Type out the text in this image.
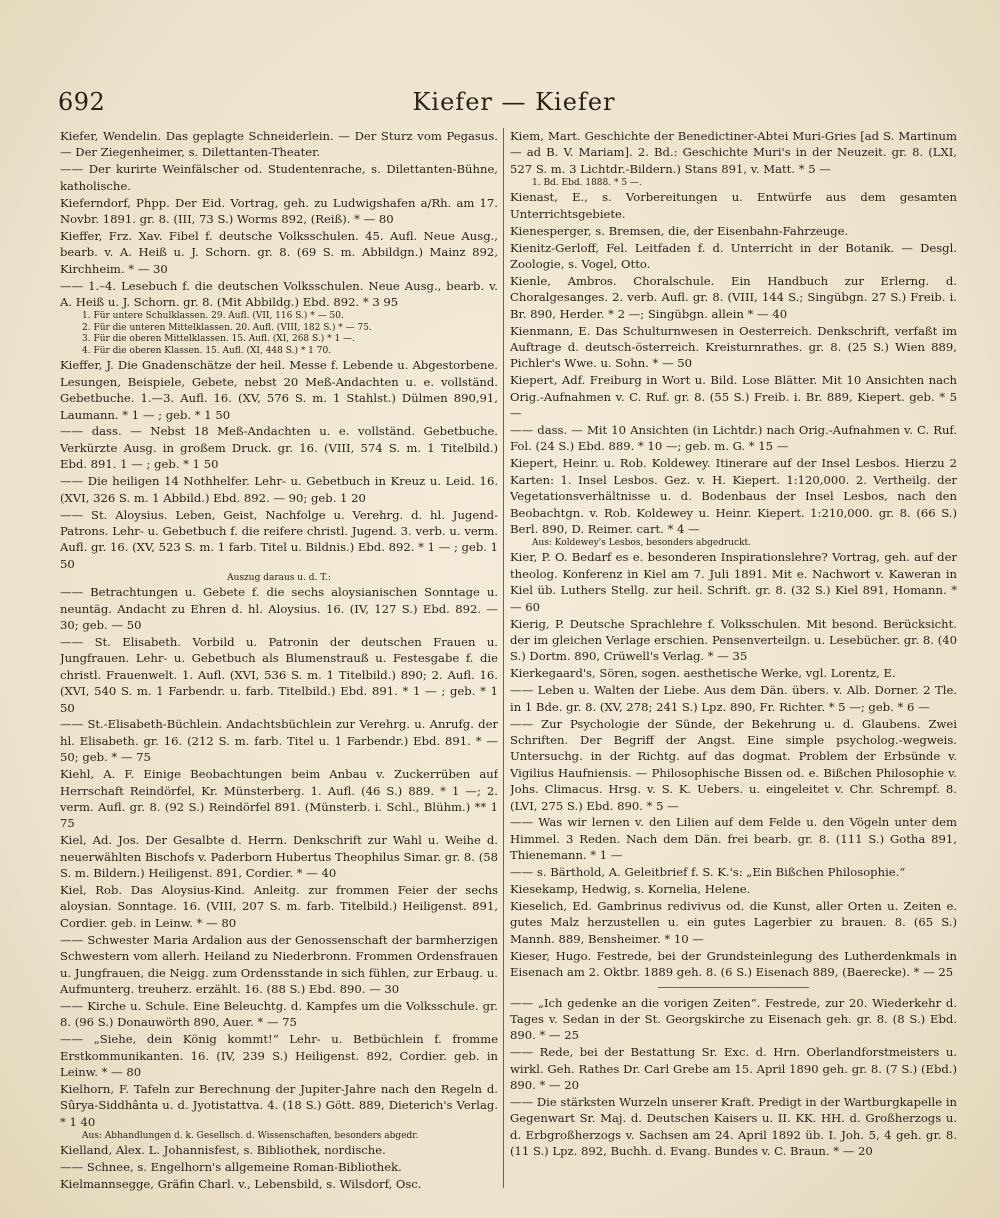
692	Kiefer — Kiefer

Kiefer, Wendelin. Das geplagte Schneiderlein. — Der Sturz vom Pegasus. — Der Ziegenheimer, s. Dilettanten-Theater.

—— Der kurirte Weinfälscher od. Studentenrache, s. Dilettanten-Bühne, katholische.

Kieferndorf, Phpp. Der Eid. Vortrag, geh. zu Ludwigshafen a/Rh. am 17. Novbr. 1891. gr. 8. (III, 73 S.) Worms 892, (Reiß). * — 80

Kieffer, Frz. Xav. Fibel f. deutsche Volksschulen. 45. Aufl. Neue Ausg., bearb. v. A. Heiß u. J. Schorn. gr. 8. (69 S. m. Abbildgn.) Mainz 892, Kirchheim. * — 30

—— 1.–4. Lesebuch f. die deutschen Volksschulen. Neue Ausg., bearb. v. A. Heiß u. J. Schorn. gr. 8. (Mit Abbildg.) Ebd. 892. * 3 95

1. Für untere Schulklassen. 29. Aufl. (VII, 116 S.) * — 50.

2. Für die unteren Mittelklassen. 20. Aufl. (VIII, 182 S.) * — 75.

3. Für die oberen Mittelklassen. 15. Aufl. (XI, 268 S.) * 1 —.

4. Für die oberen Klassen. 15. Aufl. (XI, 448 S.) * 1 70.

Kieffer, J. Die Gnadenschätze der heil. Messe f. Lebende u. Abgestorbene. Lesungen, Beispiele, Gebete, nebst 20 Meß-Andachten u. e. vollständ. Gebetbuche. 1.—3. Aufl. 16. (XV, 576 S. m. 1 Stahlst.) Dülmen 890,91, Laumann. * 1 — ; geb. * 1 50

—— dass. — Nebst 18 Meß-Andachten u. e. vollständ. Gebetbuche. Verkürzte Ausg. in großem Druck. gr. 16. (VIII, 574 S. m. 1 Titelbild.) Ebd. 891. 1 — ; geb. * 1 50

—— Die heiligen 14 Nothhelfer. Lehr- u. Gebetbuch in Kreuz u. Leid. 16. (XVI, 326 S. m. 1 Abbild.) Ebd. 892. — 90; geb. 1 20

—— St. Aloysius. Leben, Geist, Nachfolge u. Verehrg. d. hl. Jugend-Patrons. Lehr- u. Gebetbuch f. die reifere christl. Jugend. 3. verb. u. verm. Aufl. gr. 16. (XV, 523 S. m. 1 farb. Titel u. Bildnis.) Ebd. 892. * 1 — ; geb. 1 50

Auszug daraus u. d. T.:

—— Betrachtungen u. Gebete f. die sechs aloysianischen Sonntage u. neuntäg. Andacht zu Ehren d. hl. Aloysius. 16. (IV, 127 S.) Ebd. 892. — 30; geb. — 50

—— St. Elisabeth. Vorbild u. Patronin der deutschen Frauen u. Jungfrauen. Lehr- u. Gebetbuch als Blumenstrauß u. Festesgabe f. die christl. Frauenwelt. 1. Aufl. (XVI, 536 S. m. 1 Titelbild.) 890; 2. Aufl. 16. (XVI, 540 S. m. 1 Farbendr. u. farb. Titelbild.) Ebd. 891. * 1 — ; geb. * 1 50

—— St.-Elisabeth-Büchlein. Andachtsbüchlein zur Verehrg. u. Anrufg. der hl. Elisabeth. gr. 16. (212 S. m. farb. Titel u. 1 Farbendr.) Ebd. 891. * — 50; geb. * — 75

Kiehl, A. F. Einige Beobachtungen beim Anbau v. Zuckerrüben auf Herrschaft Reindörfel, Kr. Münsterberg. 1. Aufl. (46 S.) 889. * 1 —; 2. verm. Aufl. gr. 8. (92 S.) Reindörfel 891. (Münsterb. i. Schl., Blühm.) ** 1 75

Kiel, Ad. Jos. Der Gesalbte d. Herrn. Denkschrift zur Wahl u. Weihe d. neuerwählten Bischofs v. Paderborn Hubertus Theophilus Simar. gr. 8. (58 S. m. Bildern.) Heiligenst. 891, Cordier. * — 40

Kiel, Rob. Das Aloysius-Kind. Anleitg. zur frommen Feier der sechs aloysian. Sonntage. 16. (VIII, 207 S. m. farb. Titelbild.) Heiligenst. 891, Cordier. geb. in Leinw. * — 80

—— Schwester Maria Ardalion aus der Genossenschaft der barmherzigen Schwestern vom allerh. Heiland zu Niederbronn. Frommen Ordensfrauen u. Jungfrauen, die Neigg. zum Ordensstande in sich fühlen, zur Erbaug. u. Aufmunterg. treuherz. erzählt. 16. (88 S.) Ebd. 890. — 30

—— Kirche u. Schule. Eine Beleuchtg. d. Kampfes um die Volksschule. gr. 8. (96 S.) Donauwörth 890, Auer. * — 75

—— „Siehe, dein König kommt!“ Lehr- u. Betbüchlein f. fromme Erstkommunikanten. 16. (IV, 239 S.) Heiligenst. 892, Cordier. geb. in Leinw. * — 80

Kielhorn, F. Tafeln zur Berechnung der Jupiter-Jahre nach den Regeln d. Sûrya-Siddhânta u. d. Jyotistattva. 4. (18 S.) Gött. 889, Dieterich's Verlag. * 1 40

Aus: Abhandlungen d. k. Gesellsch. d. Wissenschaften, besonders abgedr.

Kielland, Alex. L. Johannisfest, s. Bibliothek, nordische.

—— Schnee, s. Engelhorn's allgemeine Roman-Bibliothek.

Kielmannsegge, Gräfin Charl. v., Lebensbild, s. Wilsdorf, Osc.

Kiem, Mart. Geschichte der Benedictiner-Abtei Muri-Gries [ad S. Martinum — ad B. V. Mariam]. 2. Bd.: Geschichte Muri's in der Neuzeit. gr. 8. (LXI, 527 S. m. 3 Lichtdr.-Bildern.) Stans 891, v. Matt. * 5 —

1. Bd. Ebd. 1888. * 5 —.

Kienast, E., s. Vorbereitungen u. Entwürfe aus dem gesamten Unterrichtsgebiete.

Kienesperger, s. Bremsen, die, der Eisenbahn-Fahrzeuge.

Kienitz-Gerloff, Fel. Leitfaden f. d. Unterricht in der Botanik. — Desgl. Zoologie, s. Vogel, Otto.

Kienle, Ambros. Choralschule. Ein Handbuch zur Erlerng. d. Choralgesanges. 2. verb. Aufl. gr. 8. (VIII, 144 S.; Singübgn. 27 S.) Freib. i. Br. 890, Herder. * 2 —; Singübgn. allein * — 40

Kienmann, E. Das Schulturnwesen in Oesterreich. Denkschrift, verfaßt im Auftrage d. deutsch-österreich. Kreisturnrathes. gr. 8. (25 S.) Wien 889, Pichler's Wwe. u. Sohn. * — 50

Kiepert, Adf. Freiburg in Wort u. Bild. Lose Blätter. Mit 10 Ansichten nach Orig.-Aufnahmen v. C. Ruf. gr. 8. (55 S.) Freib. i. Br. 889, Kiepert. geb. * 5 —

—— dass. — Mit 10 Ansichten (in Lichtdr.) nach Orig.-Aufnahmen v. C. Ruf. Fol. (24 S.) Ebd. 889. * 10 —; geb. m. G. * 15 —

Kiepert, Heinr. u. Rob. Koldewey. Itinerare auf der Insel Lesbos. Hierzu 2 Karten: 1. Insel Lesbos. Gez. v. H. Kiepert. 1:120,000. 2. Vertheilg. der Vegetationsverhältnisse u. d. Bodenbaus der Insel Lesbos, nach den Beobachtgn. v. Rob. Koldewey u. Heinr. Kiepert. 1:210,000. gr. 8. (66 S.) Berl. 890, D. Reimer. cart. * 4 —

Aus: Koldewey's Lesbos, besonders abgedruckt.

Kier, P. O. Bedarf es e. besonderen Inspirationslehre? Vortrag, geh. auf der theolog. Konferenz in Kiel am 7. Juli 1891. Mit e. Nachwort v. Kaweran in Kiel üb. Luthers Stellg. zur heil. Schrift. gr. 8. (32 S.) Kiel 891, Homann. * — 60

Kierig, P. Deutsche Sprachlehre f. Volksschulen. Mit besond. Berücksicht. der im gleichen Verlage erschien. Pensenverteilgn. u. Lesebücher. gr. 8. (40 S.) Dortm. 890, Crüwell's Verlag. * — 35

Kierkegaard's, Sören, sogen. aesthetische Werke, vgl. Lorentz, E.

—— Leben u. Walten der Liebe. Aus dem Dän. übers. v. Alb. Dorner. 2 Tle. in 1 Bde. gr. 8. (XV, 278; 241 S.) Lpz. 890, Fr. Richter. * 5 —; geb. * 6 —

—— Zur Psychologie der Sünde, der Bekehrung u. d. Glaubens. Zwei Schriften. Der Begriff der Angst. Eine simple psycholog.-wegweis. Untersuchg. in der Richtg. auf das dogmat. Problem der Erbsünde v. Vigilius Haufniensis. — Philosophische Bissen od. e. Bißchen Philosophie v. Johs. Climacus. Hrsg. v. S. K. Uebers. u. eingeleitet v. Chr. Schrempf. 8. (LVI, 275 S.) Ebd. 890. * 5 —

—— Was wir lernen v. den Lilien auf dem Felde u. den Vögeln unter dem Himmel. 3 Reden. Nach dem Dän. frei bearb. gr. 8. (111 S.) Gotha 891, Thienemann. * 1 —

—— s. Bärthold, A. Geleitbrief f. S. K.'s: „Ein Bißchen Philosophie.“

Kiesekamp, Hedwig, s. Kornelia, Helene.

Kieselich, Ed. Gambrinus redivivus od. die Kunst, aller Orten u. Zeiten e. gutes Malz herzustellen u. ein gutes Lagerbier zu brauen. 8. (65 S.) Mannh. 889, Bensheimer. * 10 —

Kieser, Hugo. Festrede, bei der Grundsteinlegung des Lutherdenkmals in Eisenach am 2. Oktbr. 1889 geh. 8. (6 S.) Eisenach 889, (Baerecke). * — 25

—— „Ich gedenke an die vorigen Zeiten“. Festrede, zur 20. Wiederkehr d. Tages v. Sedan in der St. Georgskirche zu Eisenach geh. gr. 8. (8 S.) Ebd. 890. * — 25

—— Rede, bei der Bestattung Sr. Exc. d. Hrn. Oberlandforstmeisters u. wirkl. Geh. Rathes Dr. Carl Grebe am 15. April 1890 geh. gr. 8. (7 S.) (Ebd.) 890. * — 20

—— Die stärksten Wurzeln unserer Kraft. Predigt in der Wartburgkapelle in Gegenwart Sr. Maj. d. Deutschen Kaisers u. II. KK. HH. d. Großherzogs u. d. Erbgroßherzogs v. Sachsen am 24. April 1892 üb. I. Joh. 5, 4 geh. gr. 8. (11 S.) Lpz. 892, Buchh. d. Evang. Bundes v. C. Braun. * — 20
